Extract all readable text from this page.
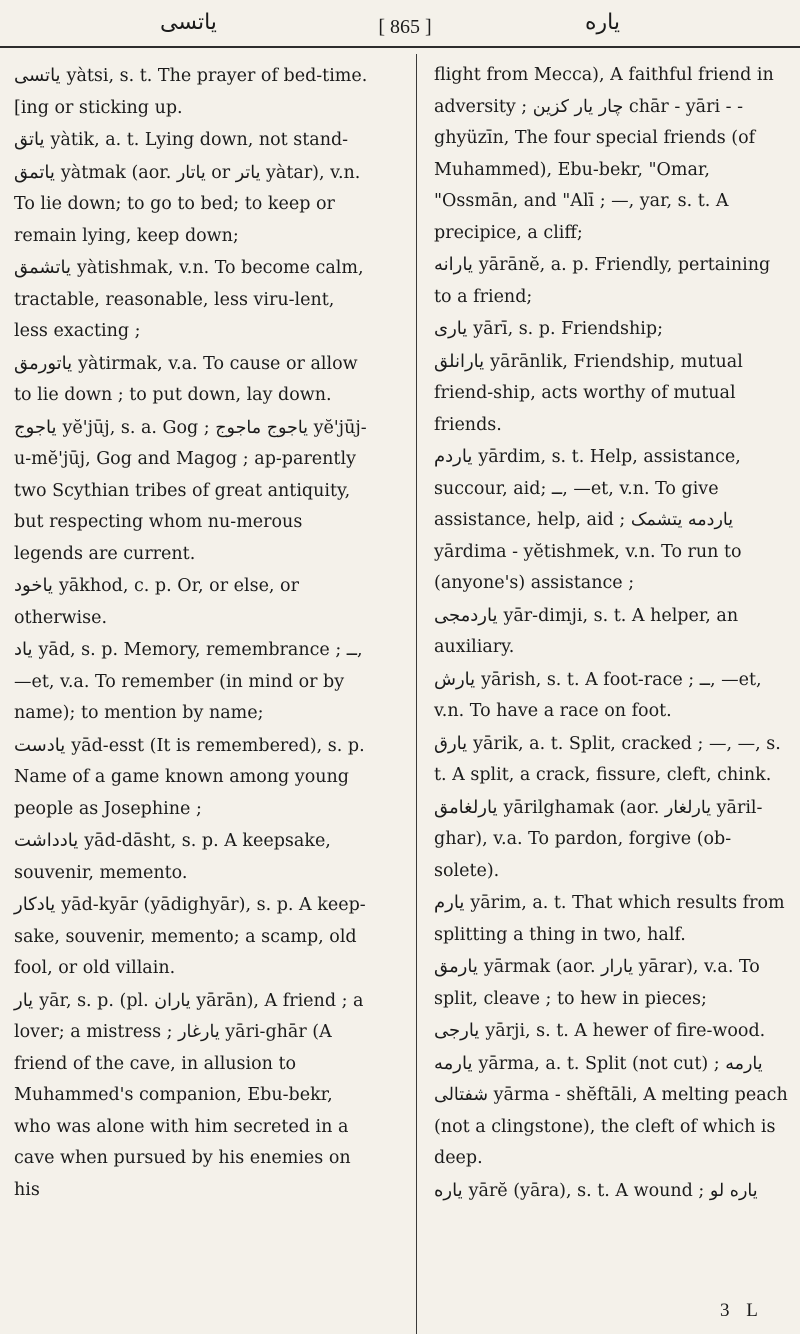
یاتسی	[ 865 ]	یاره
یاتسی yàtsi, s. t. The prayer of bed-time. [ing or sticking up.
یاتق yàtik, a. t. Lying down, not stand-
یاتمق yàtmak (aor. یاتار or یاتر yàtar), v.n. To lie down; to go to bed; to keep or remain lying, keep down;
یاتشمق yàtishmak, v.n. To become calm, tractable, reasonable, less viru-lent, less exacting ;
یاتورمق yàtirmak, v.a. To cause or allow to lie down ; to put down, lay down.
یاجوج yĕ'jūj, s. a. Gog ; یاجوج ماجوج yĕ'jūj-u-mĕ'jūj, Gog and Magog ; ap-parently two Scythian tribes of great antiquity, but respecting whom nu-merous legends are current.
یاخود yākhod, c. p. Or, or else, or otherwise.
یاد yād, s. p. Memory, remembrance ; ــ, —et, v.a. To remember (in mind or by name); to mention by name;
یادست yād-esst (It is remembered), s. p. Name of a game known among young people as Josephine ;
یادداشت yād-dāsht, s. p. A keepsake, souvenir, memento.
یادکار yād-kyār (yādighyār), s. p. A keep-sake, souvenir, memento; a scamp, old fool, or old villain.
یار yār, s. p. (pl. یاران yārān), A friend ; a lover; a mistress ; یارغار yāri-ghār (A friend of the cave, in allusion to Muhammed's companion, Ebu-bekr, who was alone with him secreted in a cave when pursued by his enemies on his
flight from Mecca), A faithful friend in adversity ; چار یار کزین chār - yāri - -ghyüzīn, The four special friends (of Muhammed), Ebu-bekr, "Omar, "Ossmān, and "Alī ; —, yar, s. t. A precipice, a cliff;
یارانه yārānĕ, a. p. Friendly, pertaining to a friend;
یاری yārī, s. p. Friendship;
یارانلق yārānlik, Friendship, mutual friend-ship, acts worthy of mutual friends.
یاردم yārdim, s. t. Help, assistance, succour, aid; ــ, —et, v.n. To give assistance, help, aid ; یاردمه یتشمک yārdima - yĕtishmek, v.n. To run to (anyone's) assistance ;
یاردمجی yār-dimji, s. t. A helper, an auxiliary.
یارش yārish, s. t. A foot-race ; ــ, —et, v.n. To have a race on foot.
یارق yārik, a. t. Split, cracked ; —, —, s. t. A split, a crack, fissure, cleft, chink.
یارلغامق yārilghamak (aor. یارلغار yāril-ghar), v.a. To pardon, forgive (ob-solete).
یارم yārim, a. t. That which results from splitting a thing in two, half.
یارمق yārmak (aor. یارار yārar), v.a. To split, cleave ; to hew in pieces;
یارجی yārji, s. t. A hewer of fire-wood.
یارمه yārma, a. t. Split (not cut) ; یارمه شفتالی yārma - shĕftāli, A melting peach (not a clingstone), the cleft of which is deep.
یاره yārĕ (yāra), s. t. A wound ; یاره لو
3 L
